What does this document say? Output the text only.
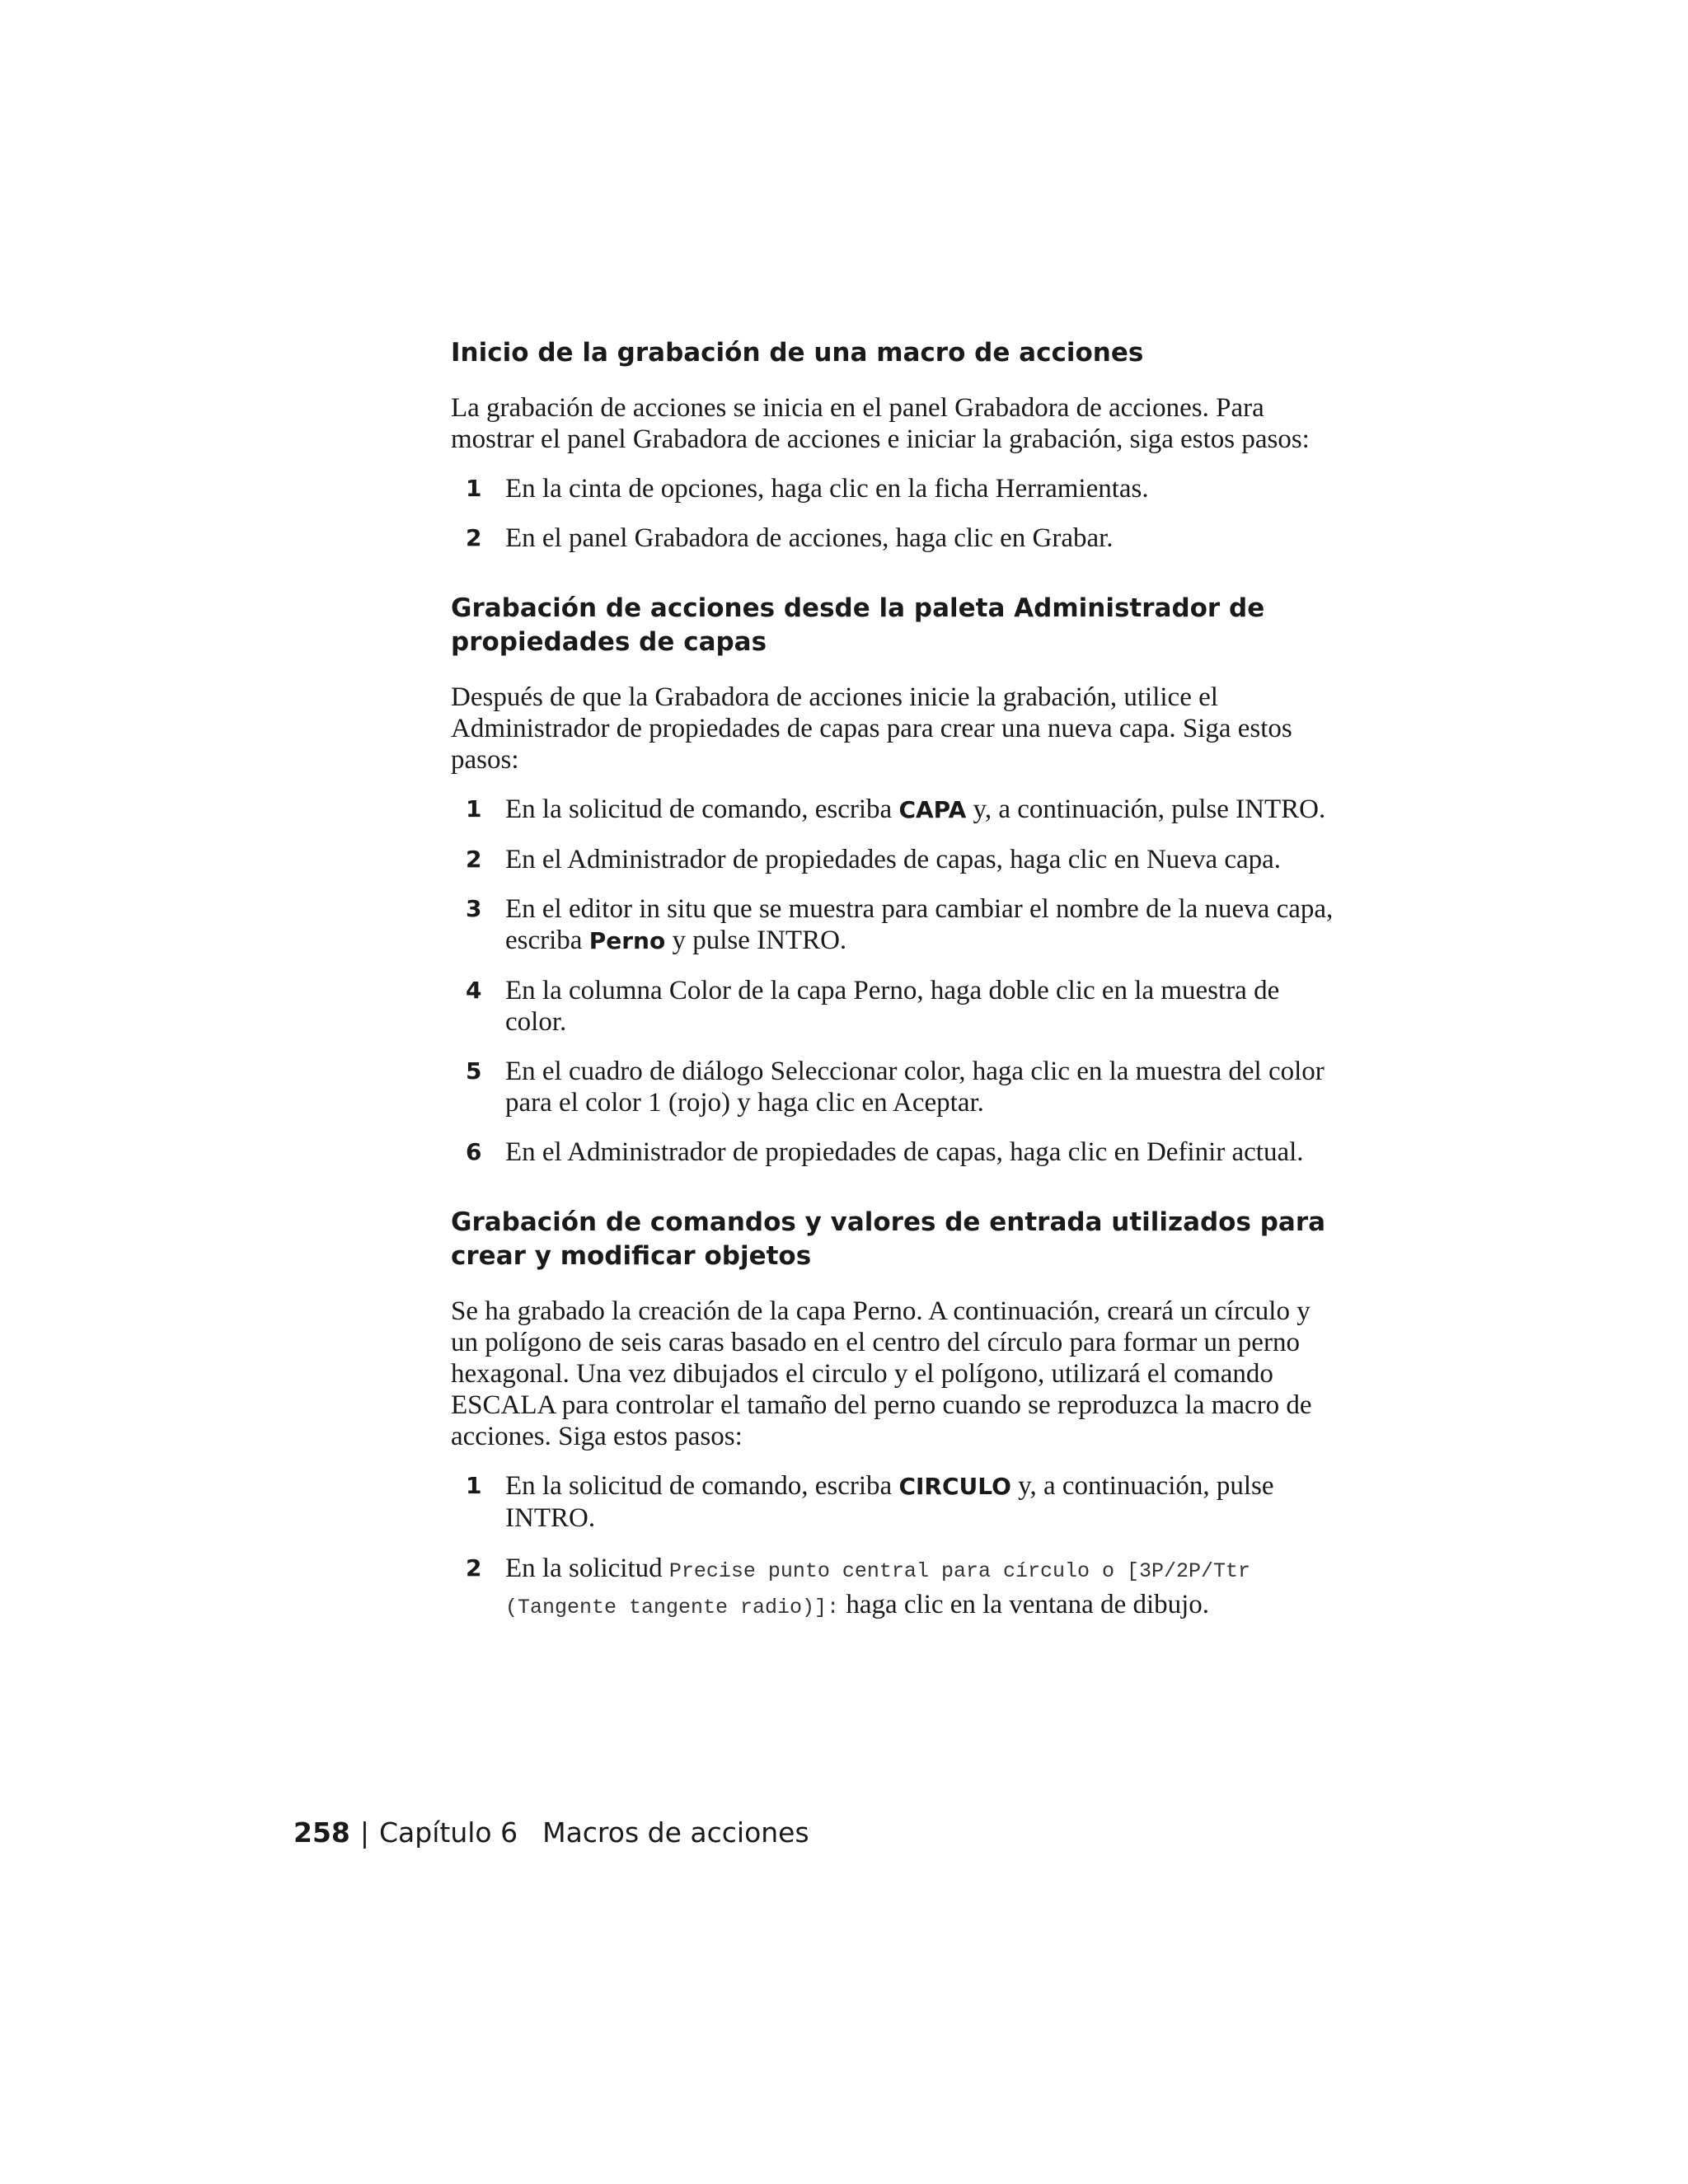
Inicio de la grabación de una macro de acciones

La grabación de acciones se inicia en el panel Grabadora de acciones. Para mostrar el panel Grabadora de acciones e iniciar la grabación, siga estos pasos:

1 En la cinta de opciones, haga clic en la ficha Herramientas.
2 En el panel Grabadora de acciones, haga clic en Grabar.
Grabación de acciones desde la paleta Administrador de propiedades de capas

Después de que la Grabadora de acciones inicie la grabación, utilice el Administrador de propiedades de capas para crear una nueva capa. Siga estos pasos:

1 En la solicitud de comando, escriba CAPA y, a continuación, pulse INTRO.
2 En el Administrador de propiedades de capas, haga clic en Nueva capa.
3 En el editor in situ que se muestra para cambiar el nombre de la nueva capa, escriba Perno y pulse INTRO.
4 En la columna Color de la capa Perno, haga doble clic en la muestra de color.
5 En el cuadro de diálogo Seleccionar color, haga clic en la muestra del color para el color 1 (rojo) y haga clic en Aceptar.
6 En el Administrador de propiedades de capas, haga clic en Definir actual.
Grabación de comandos y valores de entrada utilizados para crear y modificar objetos

Se ha grabado la creación de la capa Perno. A continuación, creará un círculo y un polígono de seis caras basado en el centro del círculo para formar un perno hexagonal. Una vez dibujados el circulo y el polígono, utilizará el comando ESCALA para controlar el tamaño del perno cuando se reproduzca la macro de acciones. Siga estos pasos:

1 En la solicitud de comando, escriba CIRCULO y, a continuación, pulse INTRO.
2 En la solicitud Precise punto central para círculo o [3P/2P/Ttr (Tangente tangente radio)]: haga clic en la ventana de dibujo.
258 | Capítulo 6 Macros de acciones
